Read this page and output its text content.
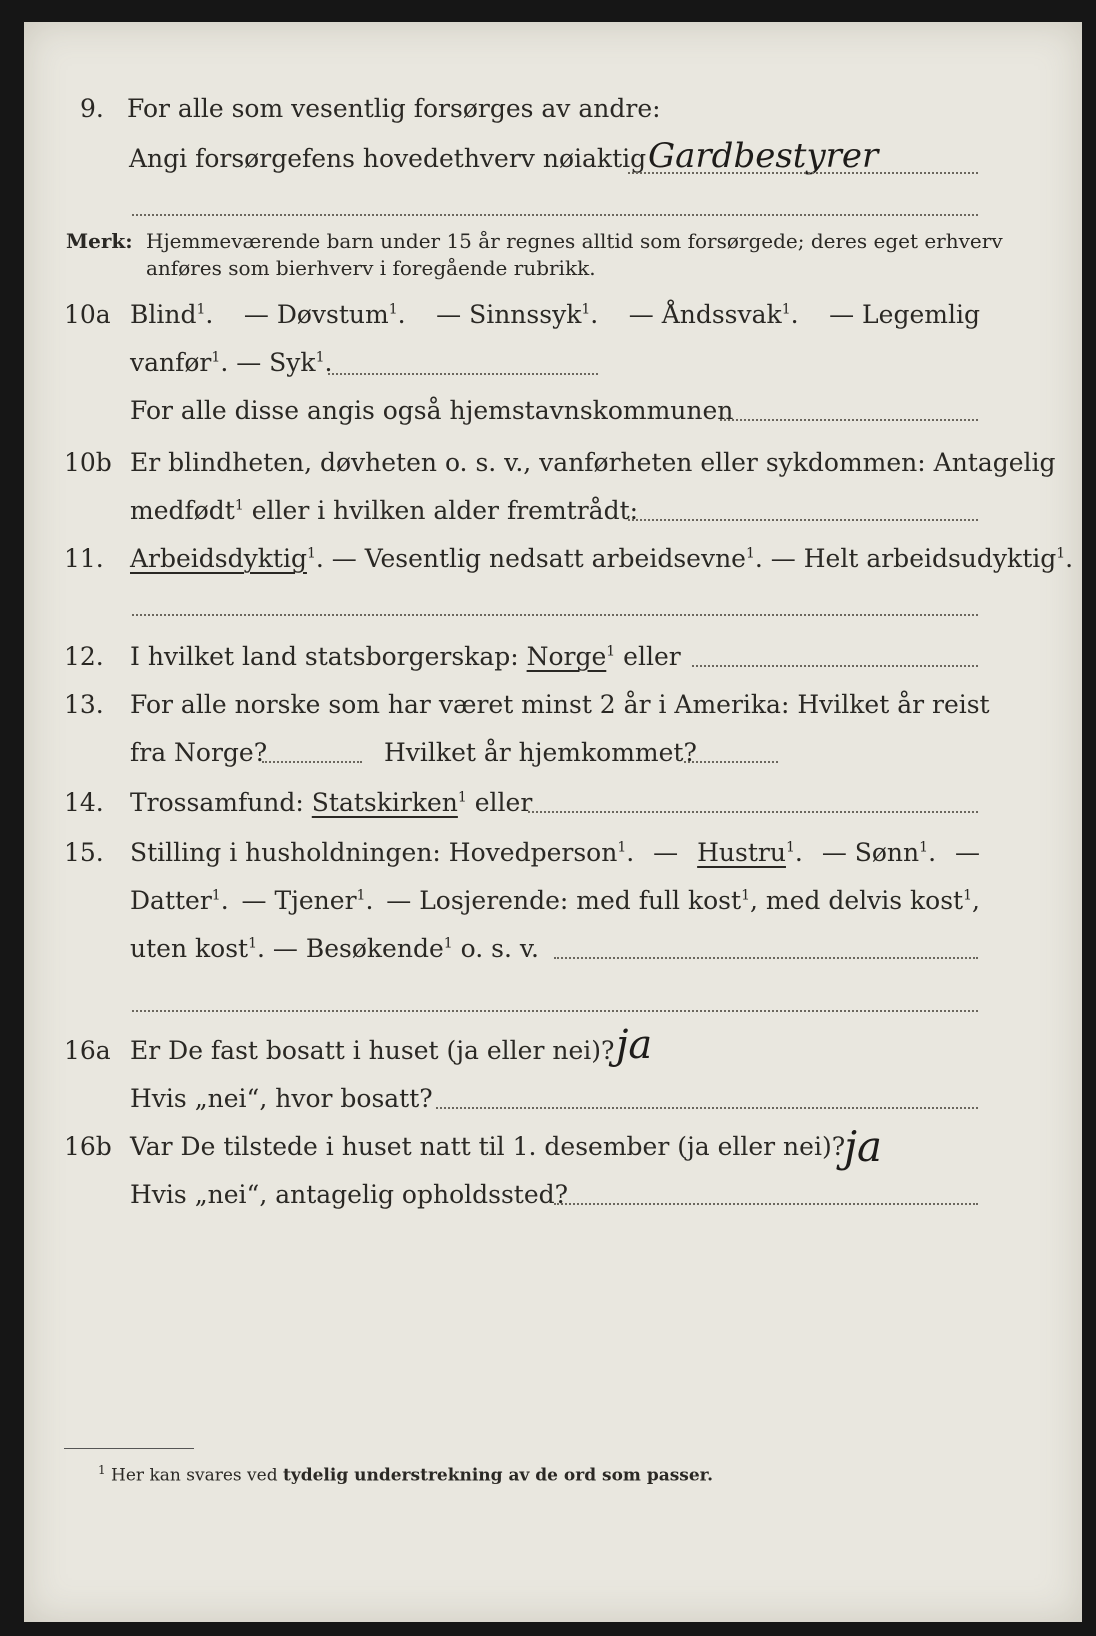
9. For alle som vesentlig forsørges av andre:
Angi forsørgefens hovedethverv nøiaktig Gardbestyrer
Merk: Hjemmeværende barn under 15 år regnes alltid som forsørgede; deres eget erhverv
anføres som bierhverv i foregående rubrikk.
10a Blind$^1$. — Døvstum$^1$. — Sinnssyk$^1$. — Åndssvak$^1$. — Legemlig
vanfør$^1$. — Syk$^1$.
For alle disse angis også hjemstavnskommunen
10b Er blindheten, døvheten o. s. v., vanførheten eller sykdommen: Antagelig
medfødt$^1$ eller i hvilken alder fremtrådt:
11. Arbeidsdyktig$^1$. — Vesentlig nedsatt arbeidsevne$^1$. — Helt arbeidsudyktig$^1$.
12. I hvilket land statsborgerskap: Norge$^1$ eller
13. For alle norske som har været minst 2 år i Amerika: Hvilket år reist
fra Norge?	Hvilket år hjemkommet?
14. Trossamfund: Statskirken$^1$ eller
15. Stilling i husholdningen: Hovedperson$^1$. — Hustru$^1$. — Sønn$^1$. —
Datter$^1$. — Tjener$^1$. — Losjerende: med full kost$^1$, med delvis kost$^1$,
uten kost$^1$. — Besøkende$^1$ o. s. v.
16a Er De fast bosatt i huset (ja eller nei)? ja
Hvis „nei“, hvor bosatt?
16b Var De tilstede i huset natt til 1. desember (ja eller nei)?
ja
Hvis „nei“, antagelig opholdssted?
$^1$ Her kan svares ved tydelig understrekning av de ord som passer.
